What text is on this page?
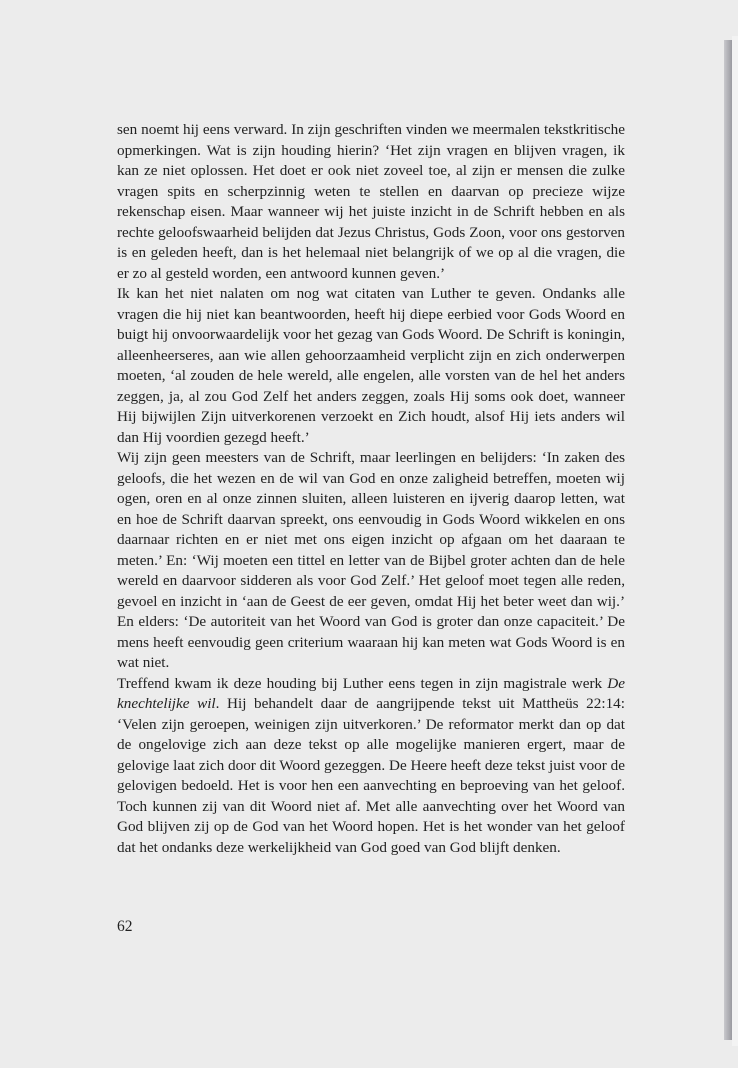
sen noemt hij eens verward. In zijn geschriften vinden we meermalen tekstkritische opmerkingen. Wat is zijn houding hierin? ‘Het zijn vragen en blijven vragen, ik kan ze niet oplossen. Het doet er ook niet zoveel toe, al zijn er mensen die zulke vragen spits en scherpzinnig weten te stellen en daarvan op precieze wijze rekenschap eisen. Maar wanneer wij het juiste inzicht in de Schrift hebben en als rechte geloofswaarheid belijden dat Jezus Christus, Gods Zoon, voor ons gestorven is en geleden heeft, dan is het helemaal niet belangrijk of we op al die vragen, die er zo al gesteld worden, een antwoord kunnen geven.’

Ik kan het niet nalaten om nog wat citaten van Luther te geven. Ondanks alle vragen die hij niet kan beantwoorden, heeft hij diepe eerbied voor Gods Woord en buigt hij onvoorwaardelijk voor het gezag van Gods Woord. De Schrift is koningin, alleenheerseres, aan wie allen gehoorzaamheid verplicht zijn en zich onderwerpen moeten, ‘al zouden de hele wereld, alle engelen, alle vorsten van de hel het anders zeggen, ja, al zou God Zelf het anders zeggen, zoals Hij soms ook doet, wanneer Hij bijwijlen Zijn uitverkorenen verzoekt en Zich houdt, alsof Hij iets anders wil dan Hij voordien gezegd heeft.’

Wij zijn geen meesters van de Schrift, maar leerlingen en belijders: ‘In zaken des geloofs, die het wezen en de wil van God en onze zaligheid betreffen, moeten wij ogen, oren en al onze zinnen sluiten, alleen luisteren en ijverig daarop letten, wat en hoe de Schrift daarvan spreekt, ons eenvoudig in Gods Woord wikkelen en ons daarnaar richten en er niet met ons eigen inzicht op afgaan om het daaraan te meten.’ En: ‘Wij moeten een tittel en letter van de Bijbel groter achten dan de hele wereld en daarvoor sidderen als voor God Zelf.’ Het geloof moet tegen alle reden, gevoel en inzicht in ‘aan de Geest de eer geven, omdat Hij het beter weet dan wij.’ En elders: ‘De autoriteit van het Woord van God is groter dan onze capaciteit.’ De mens heeft eenvoudig geen criterium waaraan hij kan meten wat Gods Woord is en wat niet.

Treffend kwam ik deze houding bij Luther eens tegen in zijn magistrale werk De knechtelijke wil. Hij behandelt daar de aangrijpende tekst uit Mattheüs 22:14: ‘Velen zijn geroepen, weinigen zijn uitverkoren.’ De reformator merkt dan op dat de ongelovige zich aan deze tekst op alle mogelijke manieren ergert, maar de gelovige laat zich door dit Woord gezeggen. De Heere heeft deze tekst juist voor de gelovigen bedoeld. Het is voor hen een aanvechting en beproeving van het geloof. Toch kunnen zij van dit Woord niet af. Met alle aanvechting over het Woord van God blijven zij op de God van het Woord hopen. Het is het wonder van het geloof dat het ondanks deze werkelijkheid van God goed van God blijft denken.

62
